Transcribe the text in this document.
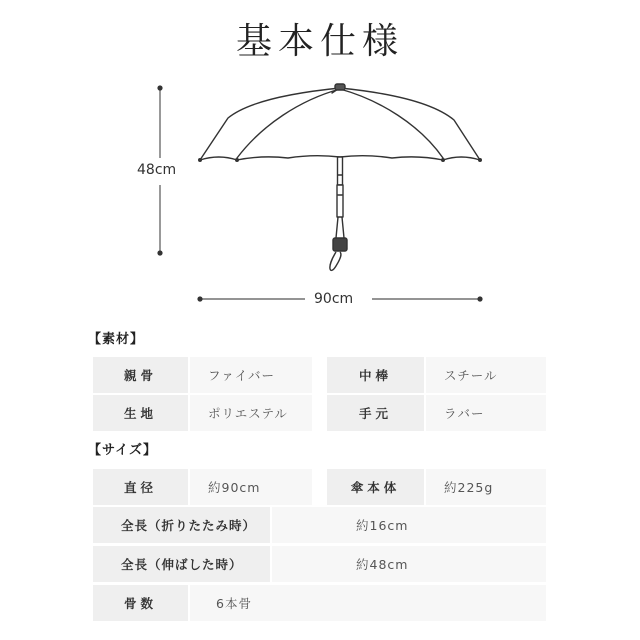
基本仕様
48cm
90cm
【素材】
親骨	ファイバー	中棒	スチール
生地	ポリエステル	手元	ラバー
【サイズ】
直径	約90cm	傘本体	約225g
全長（折りたたみ時）	約16cm
全長（伸ばした時）	約48cm
骨数	6本骨
